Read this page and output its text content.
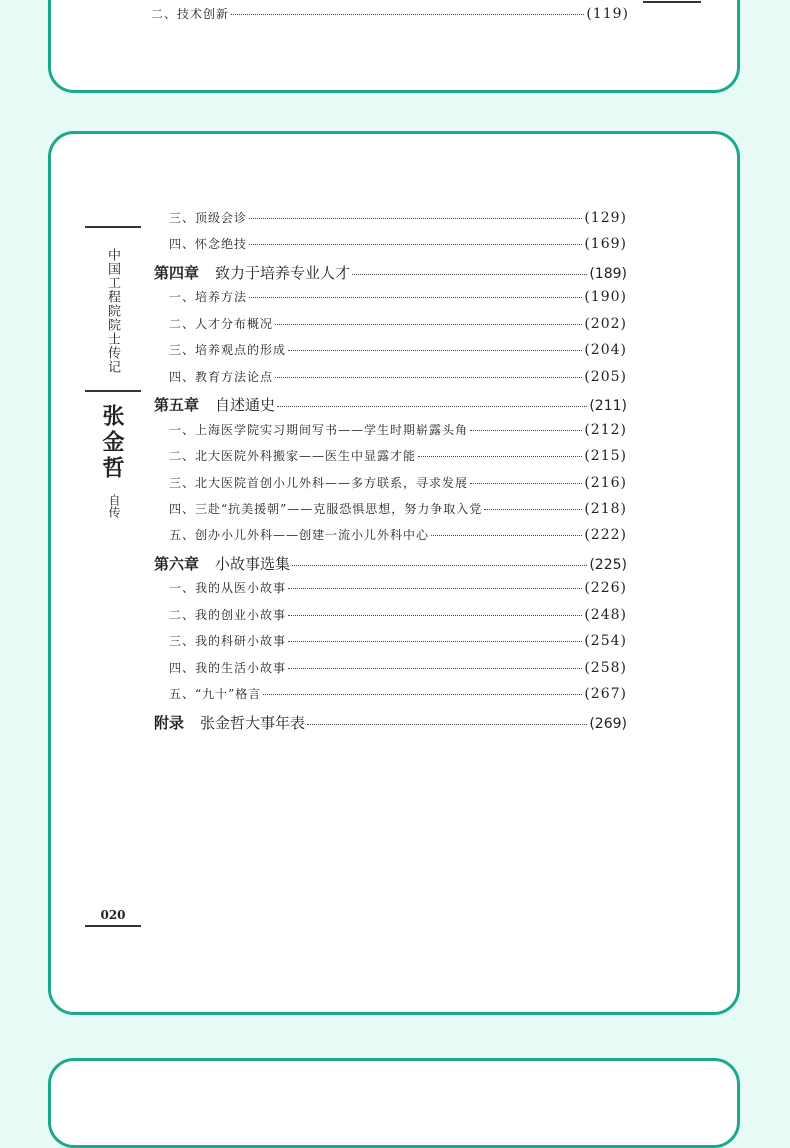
二、技术创新	(119)
中国工程院院士传记
张金哲
自传
020
三、顶级会诊	(129)
四、怀念绝技	(169)
第四章 致力于培养专业人才	(189)
一、培养方法	(190)
二、人才分布概况	(202)
三、培养观点的形成	(204)
四、教育方法论点	(205)
第五章 自述通史	(211)
一、上海医学院实习期间写书——学生时期崭露头角	(212)
二、北大医院外科搬家——医生中显露才能	(215)
三、北大医院首创小儿外科——多方联系，寻求发展	(216)
四、三赴“抗美援朝”——克服恐惧思想，努力争取入党	(218)
五、创办小儿外科——创建一流小儿外科中心	(222)
第六章 小故事选集	(225)
一、我的从医小故事	(226)
二、我的创业小故事	(248)
三、我的科研小故事	(254)
四、我的生活小故事	(258)
五、“九十”格言	(267)
附录 张金哲大事年表	(269)
